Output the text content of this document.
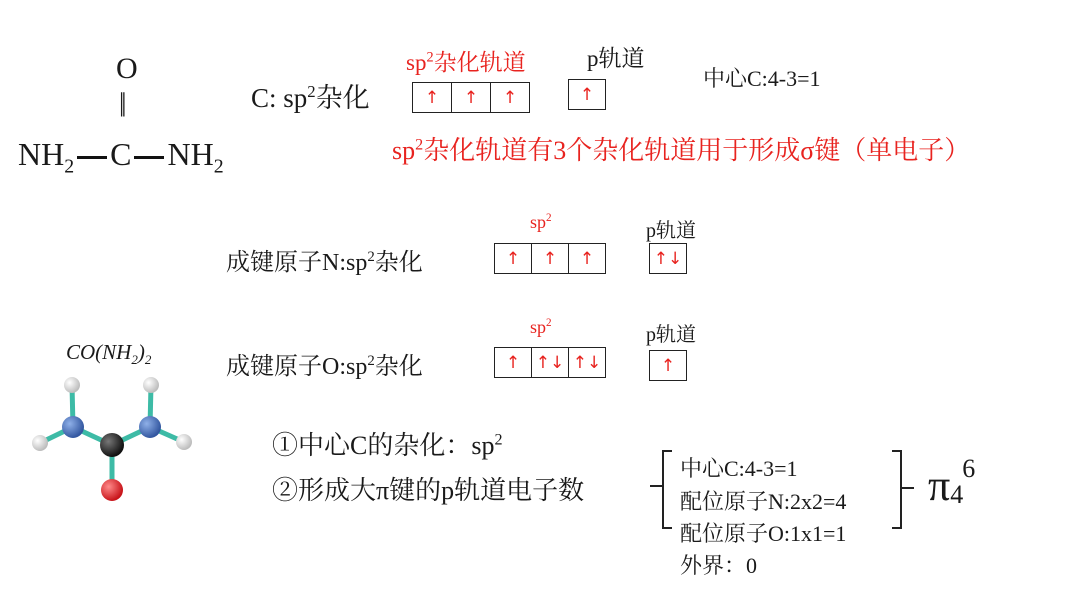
O
||
$NH_2$ C $NH_2$
$sp^2$杂化轨道	p轨道
C: $sp^2$杂化	↑	↑	↑	↑
中心C:4-3=1
$sp^2$杂化轨道有3个杂化轨道用于形成σ键（单电子）
$sp^2$
p轨道
成键原子$N:sp^2$杂化	↑	↑	↑	↑↓
$CO(NH_2)_2$
$sp^2$
p轨道
成键原子$O:sp^2$杂化	↑ ↑↓ ↑↓	↑
①中心C的杂化：$sp^2$
②形成大π键的p轨道电子数
中心C:4-3=1
配位原子N:2x2=4
配位原子O:1x1=1
外界：0
π 4
6
